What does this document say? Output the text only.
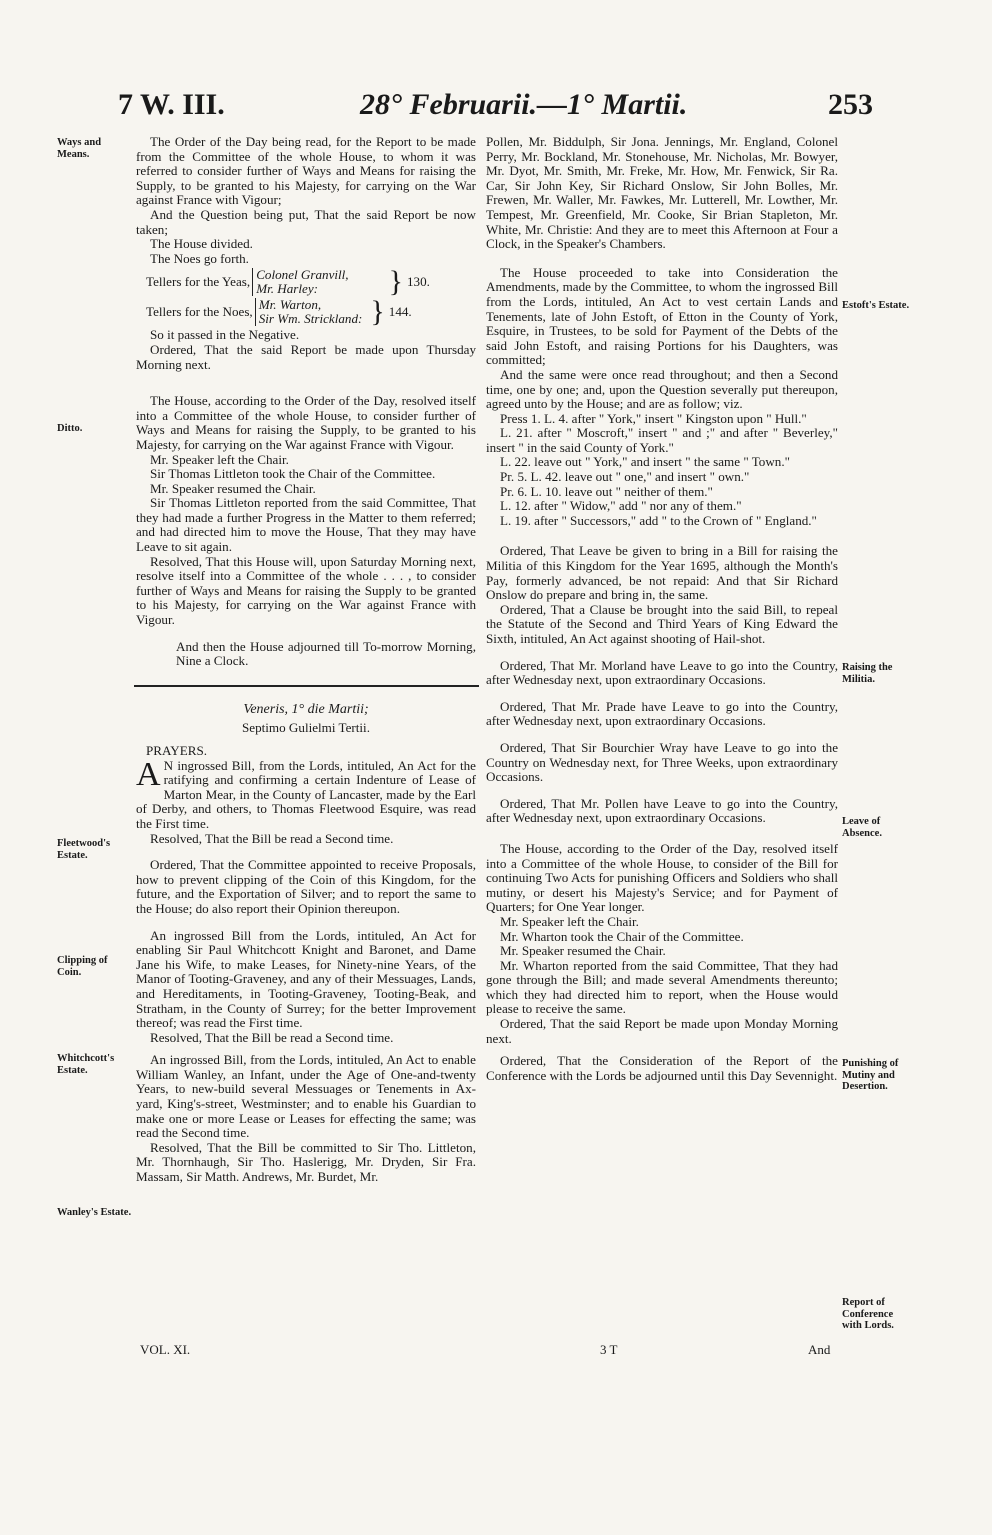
7 W. III.	28° Februarii.—1° Martii.	253
Ways and Means.
Ditto.
Fleetwood's Estate.
Clipping of Coin.
Whitchcott's Estate.
Wanley's Estate.
Estoft's Estate.
Raising the Militia.
Leave of Absence.
Punishing of Mutiny and Desertion.
Report of Conference with Lords.

The Order of the Day being read, for the Report to be made from the Committee of the whole House, to whom it was referred to consider further of Ways and Means for raising the Supply, to be granted to his Majesty, for carrying on the War against France with Vigour;

And the Question being put, That the said Report be now taken;

The House divided.

The Noes go forth.

Tellers for the Yeas, Colonel Granvill,
Mr. Harley:	} 130.
Tellers for the Noes, Mr. Warton,
Sir Wm. Strickland: } 144.

So it passed in the Negative.

Ordered, That the said Report be made upon Thursday Morning next.

The House, according to the Order of the Day, resolved itself into a Committee of the whole House, to consider further of Ways and Means for raising the Supply, to be granted to his Majesty, for carrying on the War against France with Vigour.

Mr. Speaker left the Chair.

Sir Thomas Littleton took the Chair of the Committee.

Mr. Speaker resumed the Chair.

Sir Thomas Littleton reported from the said Committee, That they had made a further Progress in the Matter to them referred; and had directed him to move the House, That they may have Leave to sit again.

Resolved, That this House will, upon Saturday Morning next, resolve itself into a Committee of the whole . . . , to consider further of Ways and Means for raising the Supply to be granted to his Majesty, for carrying on the War against France with Vigour.

And then the House adjourned till To-morrow Morning, Nine a Clock.

Veneris, 1° die Martii;

Septimo Gulielmi Tertii.

PRAYERS.

A N ingrossed Bill, from the Lords, intituled, An Act for the ratifying and confirming a certain Indenture of Lease of Marton Mear, in the County of Lancaster, made by the Earl of Derby, and others, to Thomas Fleetwood Esquire, was read the First time.

Resolved, That the Bill be read a Second time.

Ordered, That the Committee appointed to receive Proposals, how to prevent clipping of the Coin of this Kingdom, for the future, and the Exportation of Silver; and to report the same to the House; do also report their Opinion thereupon.

An ingrossed Bill from the Lords, intituled, An Act for enabling Sir Paul Whitchcott Knight and Baronet, and Dame Jane his Wife, to make Leases, for Ninety-nine Years, of the Manor of Tooting-Graveney, and any of their Messuages, Lands, and Hereditaments, in Tooting-Graveney, Tooting-Beak, and Stratham, in the County of Surrey; for the better Improvement thereof; was read the First time.

Resolved, That the Bill be read a Second time.

An ingrossed Bill, from the Lords, intituled, An Act to enable William Wanley, an Infant, under the Age of One-and-twenty Years, to new-build several Messuages or Tenements in Ax-yard, King's-street, Westminster; and to enable his Guardian to make one or more Lease or Leases for effecting the same; was read the Second time.

Resolved, That the Bill be committed to Sir Tho. Littleton, Mr. Thornhaugh, Sir Tho. Haslerigg, Mr. Dryden, Sir Fra. Massam, Sir Matth. Andrews, Mr. Burdet, Mr.

Pollen, Mr. Biddulph, Sir Jona. Jennings, Mr. England, Colonel Perry, Mr. Bockland, Mr. Stonehouse, Mr. Nicholas, Mr. Bowyer, Mr. Dyot, Mr. Smith, Mr. Freke, Mr. How, Mr. Fenwick, Sir Ra. Car, Sir John Key, Sir Richard Onslow, Sir John Bolles, Mr. Frewen, Mr. Waller, Mr. Fawkes, Mr. Lutterell, Mr. Lowther, Mr. Tempest, Mr. Greenfield, Mr. Cooke, Sir Brian Stapleton, Mr. White, Mr. Christie: And they are to meet this Afternoon at Four a Clock, in the Speaker's Chambers.

The House proceeded to take into Consideration the Amendments, made by the Committee, to whom the ingrossed Bill from the Lords, intituled, An Act to vest certain Lands and Tenements, late of John Estoft, of Etton in the County of York, Esquire, in Trustees, to be sold for Payment of the Debts of the said John Estoft, and raising Portions for his Daughters, was committed;

And the same were once read throughout; and then a Second time, one by one; and, upon the Question severally put thereupon, agreed unto by the House; and are as follow; viz.

Press 1. L. 4. after " York," insert " Kingston upon " Hull."

L. 21. after " Moscroft," insert " and ;" and after " Beverley," insert " in the said County of York."

L. 22. leave out " York," and insert " the same " Town."

Pr. 5. L. 42. leave out " one," and insert " own."

Pr. 6. L. 10. leave out " neither of them."

L. 12. after " Widow," add " nor any of them."

L. 19. after " Successors," add " to the Crown of " England."

Ordered, That Leave be given to bring in a Bill for raising the Militia of this Kingdom for the Year 1695, although the Month's Pay, formerly advanced, be not repaid: And that Sir Richard Onslow do prepare and bring in, the same.

Ordered, That a Clause be brought into the said Bill, to repeal the Statute of the Second and Third Years of King Edward the Sixth, intituled, An Act against shooting of Hail-shot.

Ordered, That Mr. Morland have Leave to go into the Country, after Wednesday next, upon extraordinary Occasions.

Ordered, That Mr. Prade have Leave to go into the Country, after Wednesday next, upon extraordinary Occasions.

Ordered, That Sir Bourchier Wray have Leave to go into the Country on Wednesday next, for Three Weeks, upon extraordinary Occasions.

Ordered, That Mr. Pollen have Leave to go into the Country, after Wednesday next, upon extraordinary Occasions.

The House, according to the Order of the Day, resolved itself into a Committee of the whole House, to consider of the Bill for continuing Two Acts for punishing Officers and Soldiers who shall mutiny, or desert his Majesty's Service; and for Payment of Quarters; for One Year longer.

Mr. Speaker left the Chair.

Mr. Wharton took the Chair of the Committee.

Mr. Speaker resumed the Chair.

Mr. Wharton reported from the said Committee, That they had gone through the Bill; and made several Amendments thereunto; which they had directed him to report, when the House would please to receive the same.

Ordered, That the said Report be made upon Monday Morning next.

Ordered, That the Consideration of the Report of the Conference with the Lords be adjourned until this Day Sevennight.

VOL. XI.	3 T	And
